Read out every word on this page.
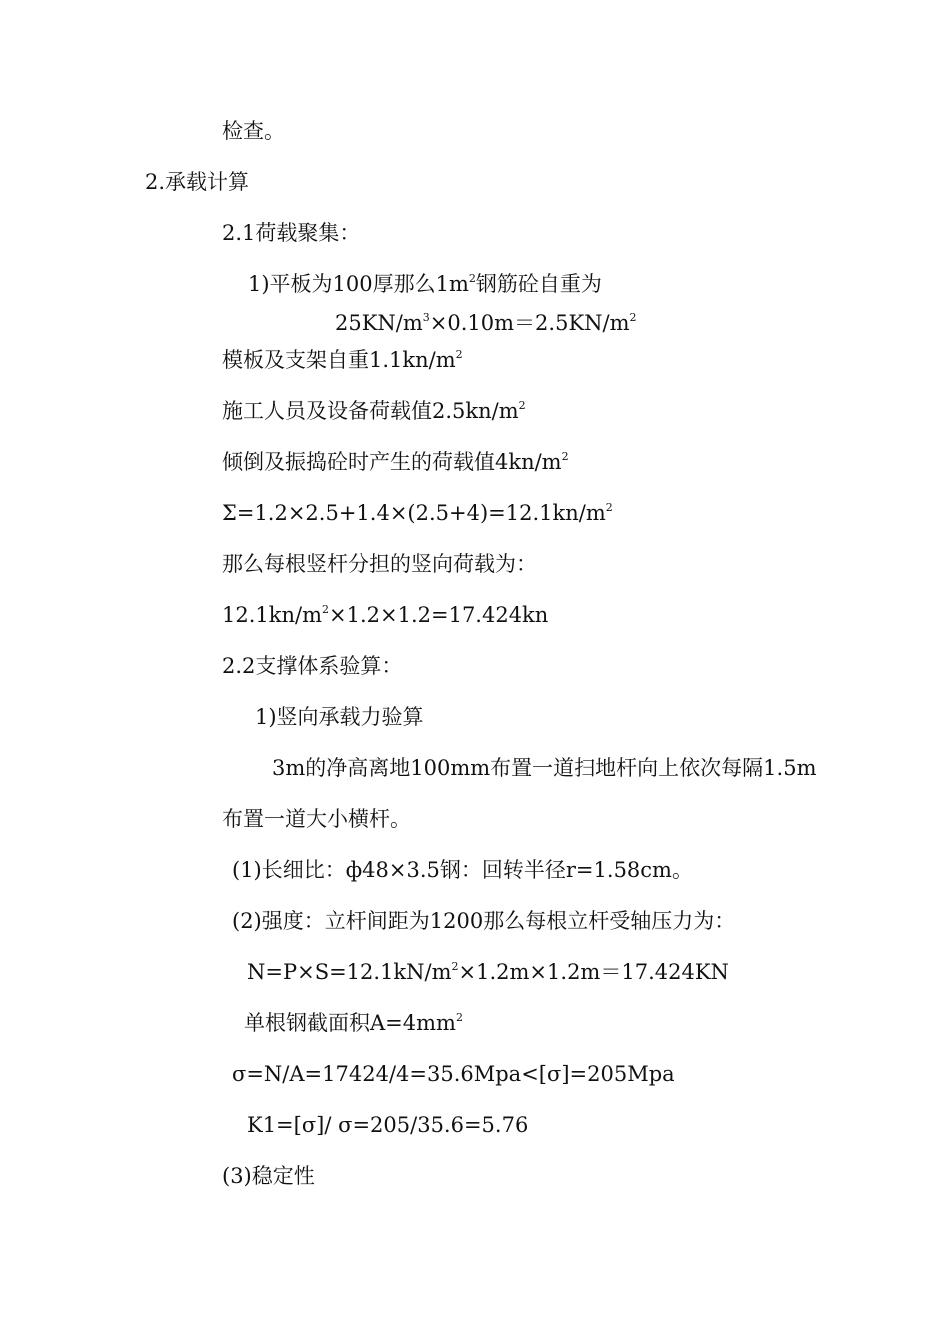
检查。
2.承载计算
2.1荷载聚集：
1)平板为100厚那么$1m^2$钢筋砼自重为
$25KN/m^3\times 0.10m=2.5KN/m^2$
模板及支架自重$1.1kn/m^2$
施工人员及设备荷载值$2.5kn/m^2$
倾倒及振捣砼时产生的荷载值$4kn/m^2$
$\Sigma=1.2\times 2.5+1.4\times(2.5+4)=12.1kn/m^2$
那么每根竖杆分担的竖向荷载为：
$12.1kn/m^2\times 1.2\times 1.2=17.424kn$
2.2支撑体系验算：
1)竖向承载力验算
3m的净高离地100mm布置一道扫地杆向上依次每隔1.5m
布置一道大小横杆。
(1)长细比：ф48×3.5钢：回转半径r=1.58cm。
(2)强度：立杆间距为1200那么每根立杆受轴压力为：
$N=P\times S=12.1kN/m^2\times 1.2m\times 1.2m=17.424KN$
单根钢截面积$A=4mm^2$
σ=N/A=17424/4=35.6Mpa<[σ]=205Mpa
K1=[σ]/ σ=205/35.6=5.76
(3)稳定性
